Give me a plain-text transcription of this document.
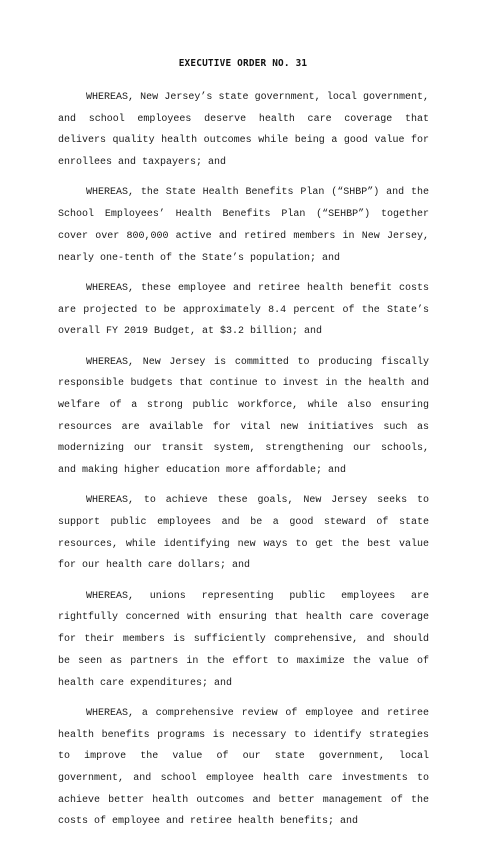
EXECUTIVE ORDER NO. 31

WHEREAS, New Jersey’s state government, local government, and school employees deserve health care coverage that delivers quality health outcomes while being a good value for enrollees and taxpayers; and

WHEREAS, the State Health Benefits Plan (“SHBP”) and the School Employees’ Health Benefits Plan (“SEHBP”) together cover over 800,000 active and retired members in New Jersey, nearly one-tenth of the State’s population; and

WHEREAS, these employee and retiree health benefit costs are projected to be approximately 8.4 percent of the State’s overall FY 2019 Budget, at $3.2 billion; and

WHEREAS, New Jersey is committed to producing fiscally responsible budgets that continue to invest in the health and welfare of a strong public workforce, while also ensuring resources are available for vital new initiatives such as modernizing our transit system, strengthening our schools, and making higher education more affordable; and

WHEREAS, to achieve these goals, New Jersey seeks to support public employees and be a good steward of state resources, while identifying new ways to get the best value for our health care dollars; and

WHEREAS, unions representing public employees are rightfully concerned with ensuring that health care coverage for their members is sufficiently comprehensive, and should be seen as partners in the effort to maximize the value of health care expenditures; and

WHEREAS, a comprehensive review of employee and retiree health benefits programs is necessary to identify strategies to improve the value of our state government, local government, and school employee health care investments to achieve better health outcomes and better management of the costs of employee and retiree health benefits; and
